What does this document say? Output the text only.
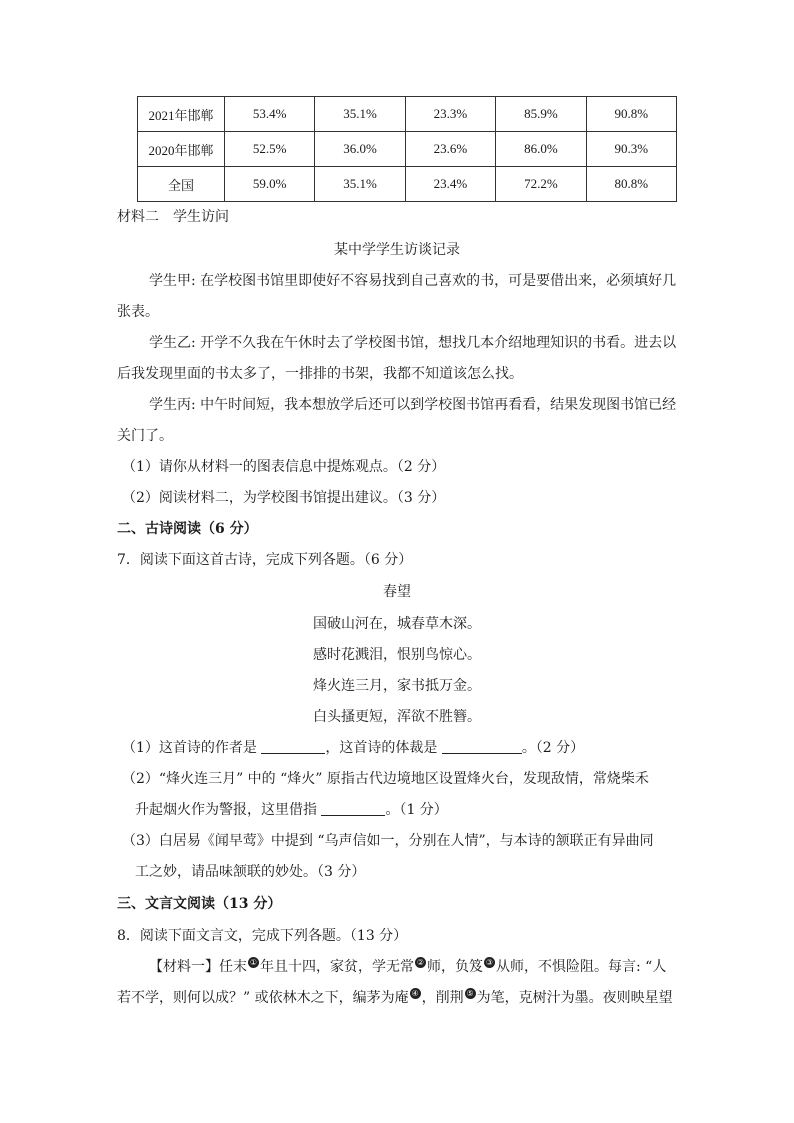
2021年邯郸	53.4%	35.1%	23.3%	85.9%	90.8%
2020年邯郸	52.5%	36.0%	23.6%	86.0%	90.3%
全国	59.0%	35.1%	23.4%	72.2%	80.8%
材料二　学生访问
某中学学生访谈记录
学生甲: 在学校图书馆里即使好不容易找到自己喜欢的书，可是要借出来，必须填好几
张表。
学生乙: 开学不久我在午休时去了学校图书馆，想找几本介绍地理知识的书看。进去以
后我发现里面的书太多了，一排排的书架，我都不知道该怎么找。
学生丙: 中午时间短，我本想放学后还可以到学校图书馆再看看，结果发现图书馆已经
关门了。
（1）请你从材料一的图表信息中提炼观点。（2 分）
（2）阅读材料二，为学校图书馆提出建议。（3 分）
二、古诗阅读（6 分）
7．阅读下面这首古诗，完成下列各题。（6 分）
春望
国破山河在，城春草木深。
感时花溅泪，恨别鸟惊心。
烽火连三月，家书抵万金。
白头搔更短，浑欲不胜簪。
（1）这首诗的作者是	，这首诗的体裁是	。（2 分）
（2）“烽火连三月” 中的 “烽火” 原指古代边境地区设置烽火台，发现敌情，常烧柴禾
升起烟火作为警报，这里借指	。（1 分）
（3）白居易《闻早莺》中提到 “乌声信如一，分别在人情”，与本诗的颔联正有异曲同
工之妙，请品味颔联的妙处。（3 分）
三、文言文阅读（13 分）
8．阅读下面文言文，完成下列各题。（13 分）
【材料一】任末 ① 年且十四，家贫，学无常 ② 师，负笈 ③ 从师，不惧险阻。每言: “人
若不学，则何以成？” 或依林木之下，编茅为庵 ④ ，削荆 ⑤ 为笔，克树汁为墨。夜则映星望
